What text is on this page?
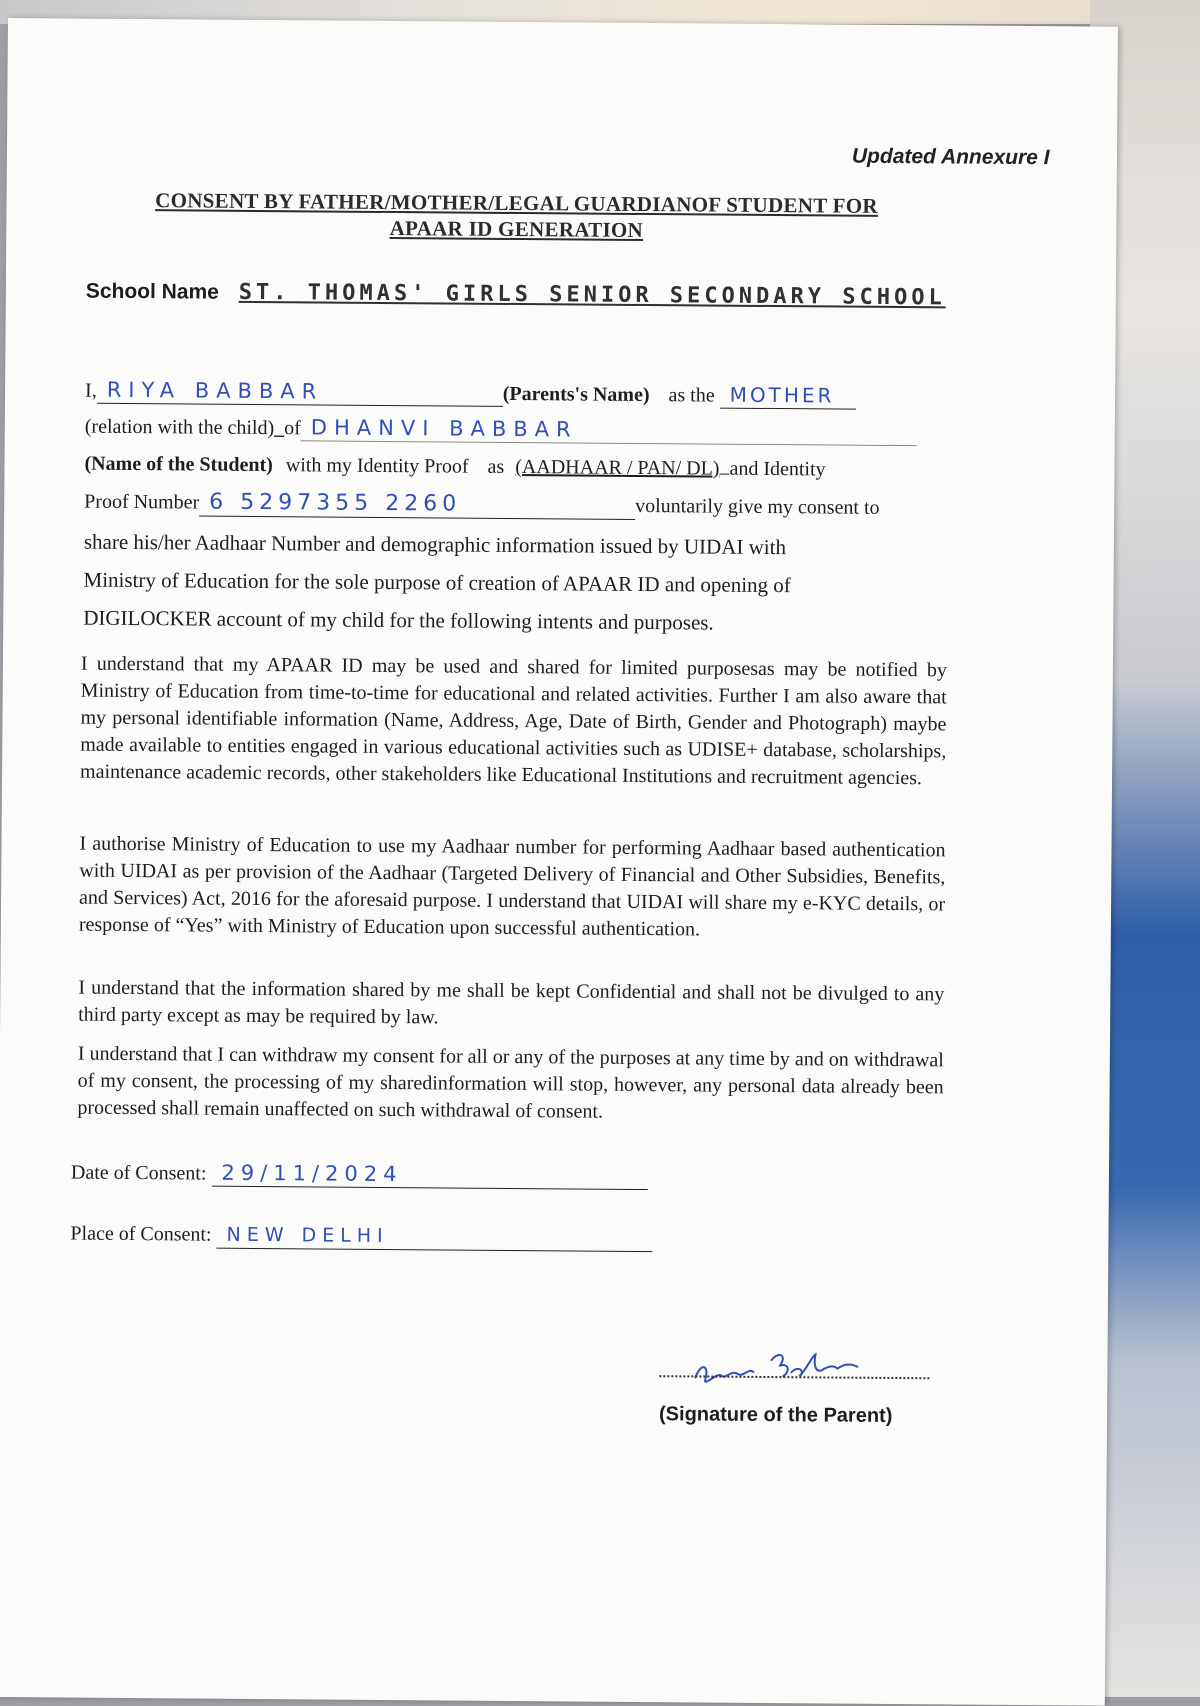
Updated Annexure I
CONSENT BY FATHER/MOTHER/LEGAL GUARDIANOF STUDENT FOR
APAAR ID GENERATION
School Name ST. THOMAS' GIRLS SENIOR SECONDARY SCHOOL
I, RIYA BABBAR	(Parents's Name) as the MOTHER
(relation with the child)_of DHANVI BABBAR
(Name of the Student) with my Identity Proof as (AADHAAR / PAN/ DL) and Identity
Proof Number 6 5297355 2260	voluntarily give my consent to
share his/her Aadhaar Number and demographic information issued by UIDAI with
Ministry of Education for the sole purpose of creation of APAAR ID and opening of
DIGILOCKER account of my child for the following intents and purposes.
I understand that my APAAR ID may be used and shared for limited purposesas may be notified by Ministry of Education from time-to-time for educational and related activities. Further I am also aware that my personal identifiable information (Name, Address, Age, Date of Birth, Gender and Photograph) maybe made available to entities engaged in various educational activities such as UDISE+ database, scholarships, maintenance academic records, other stakeholders like Educational Institutions and recruitment agencies.
I authorise Ministry of Education to use my Aadhaar number for performing Aadhaar based authentication with UIDAI as per provision of the Aadhaar (Targeted Delivery of Financial and Other Subsidies, Benefits, and Services) Act, 2016 for the aforesaid purpose. I understand that UIDAI will share my e-KYC details, or response of “Yes” with Ministry of Education upon successful authentication.
I understand that the information shared by me shall be kept Confidential and shall not be divulged to any third party except as may be required by law.
I understand that I can withdraw my consent for all or any of the purposes at any time by and on withdrawal of my consent, the processing of my sharedinformation will stop, however, any personal data already been processed shall remain unaffected on such withdrawal of consent.
Date of Consent: 29/11/2024
Place of Consent: NEW DELHI
(Signature of the Parent)
